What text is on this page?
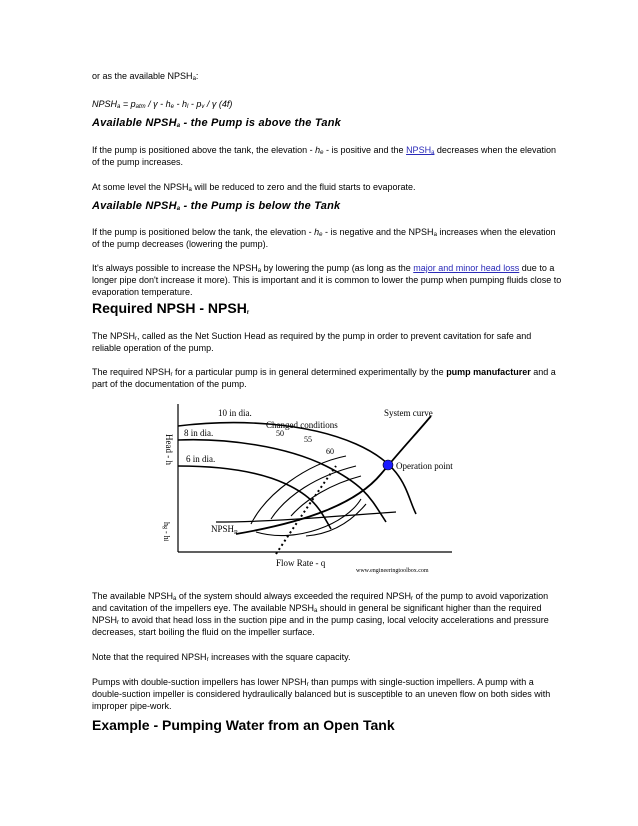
or as the available $NPSH_a$:

$NPSH_a = p_{atm} / \gamma - h_e - h_l - p_v / \gamma$ (4f)

Available $NPSH_a$ - the Pump is above the Tank

If the pump is positioned above the tank, the elevation - $h_e$ - is positive and the $NPSH_a$ decreases when the elevation of the pump increases.

At some level the $NPSH_a$ will be reduced to zero and the fluid starts to evaporate.

Available $NPSH_a$ - the Pump is below the Tank

If the pump is positioned below the tank, the elevation - $h_e$ - is negative and the $NPSH_a$ increases when the elevation of the pump decreases (lowering the pump).

It's always possible to increase the $NPSH_a$ by lowering the pump (as long as the major and minor head loss due to a longer pipe don't increase it more). This is important and it is common to lower the pump when pumping fluids close to evaporation temperature.

Required NPSH - $NPSH_r$

The $NPSH_r$, called as the Net Suction Head as required by the pump in order to prevent cavitation for safe and reliable operation of the pump.

The required $NPSH_r$ for a particular pump is in general determined experimentally by the pump manufacturer and a part of the documentation of the pump.

10 in dia.
8 in dia.
6 in dia.
Changed conditions
System curve
50
55
60
Operation point
$NPSH_R$
Head - h
hg - hl
Flow Rate - q
www.engineeringtoolbox.com

The available $NPSH_a$ of the system should always exceeded the required $NPSH_r$ of the pump to avoid vaporization and cavitation of the impellers eye. The available $NPSH_a$ should in general be significant higher than the required $NPSH_r$ to avoid that head loss in the suction pipe and in the pump casing, local velocity accelerations and pressure decreases, start boiling the fluid on the impeller surface.

Note that the required $NPSH_r$ increases with the square capacity.

Pumps with double-suction impellers has lower $NPSH_r$ than pumps with single-suction impellers. A pump with a double-suction impeller is considered hydraulically balanced but is susceptible to an uneven flow on both sides with improper pipe-work.

Example - Pumping Water from an Open Tank
